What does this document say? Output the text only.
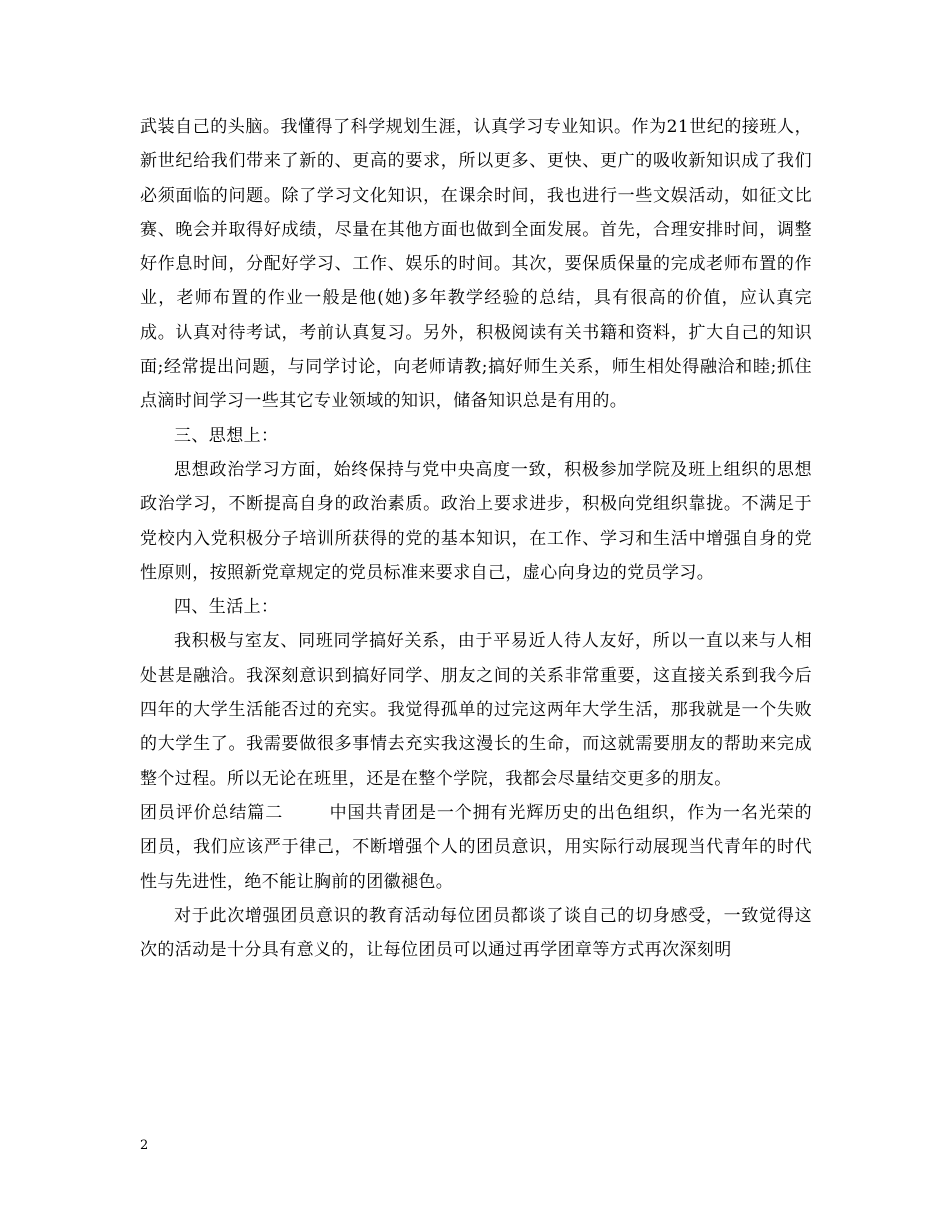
武装自己的头脑。我懂得了科学规划生涯，认真学习专业知识。作为21世纪的接班人，新世纪给我们带来了新的、更高的要求，所以更多、更快、更广的吸收新知识成了我们必须面临的问题。除了学习文化知识，在课余时间，我也进行一些文娱活动，如征文比赛、晚会并取得好成绩，尽量在其他方面也做到全面发展。首先，合理安排时间，调整好作息时间，分配好学习、工作、娱乐的时间。其次，要保质保量的完成老师布置的作业，老师布置的作业一般是他(她)多年教学经验的总结，具有很高的价值，应认真完成。认真对待考试，考前认真复习。另外，积极阅读有关书籍和资料，扩大自己的知识面;经常提出问题，与同学讨论，向老师请教;搞好师生关系，师生相处得融洽和睦;抓住点滴时间学习一些其它专业领域的知识，储备知识总是有用的。

三、思想上：

思想政治学习方面，始终保持与党中央高度一致，积极参加学院及班上组织的思想政治学习，不断提高自身的政治素质。政治上要求进步，积极向党组织靠拢。不满足于党校内入党积极分子培训所获得的党的基本知识，在工作、学习和生活中增强自身的党性原则，按照新党章规定的党员标准来要求自己，虚心向身边的党员学习。

四、生活上：

我积极与室友、同班同学搞好关系，由于平易近人待人友好，所以一直以来与人相处甚是融洽。我深刻意识到搞好同学、朋友之间的关系非常重要，这直接关系到我今后四年的大学生活能否过的充实。我觉得孤单的过完这两年大学生活，那我就是一个失败的大学生了。我需要做很多事情去充实我这漫长的生命，而这就需要朋友的帮助来完成整个过程。所以无论在班里，还是在整个学院，我都会尽量结交更多的朋友。

团员评价总结篇二	中国共青团是一个拥有光辉历史的出色组织，作为一名光荣的团员，我们应该严于律己，不断增强个人的团员意识，用实际行动展现当代青年的时代性与先进性，绝不能让胸前的团徽褪色。

对于此次增强团员意识的教育活动每位团员都谈了谈自己的切身感受，一致觉得这次的活动是十分具有意义的，让每位团员可以通过再学团章等方式再次深刻明

2
